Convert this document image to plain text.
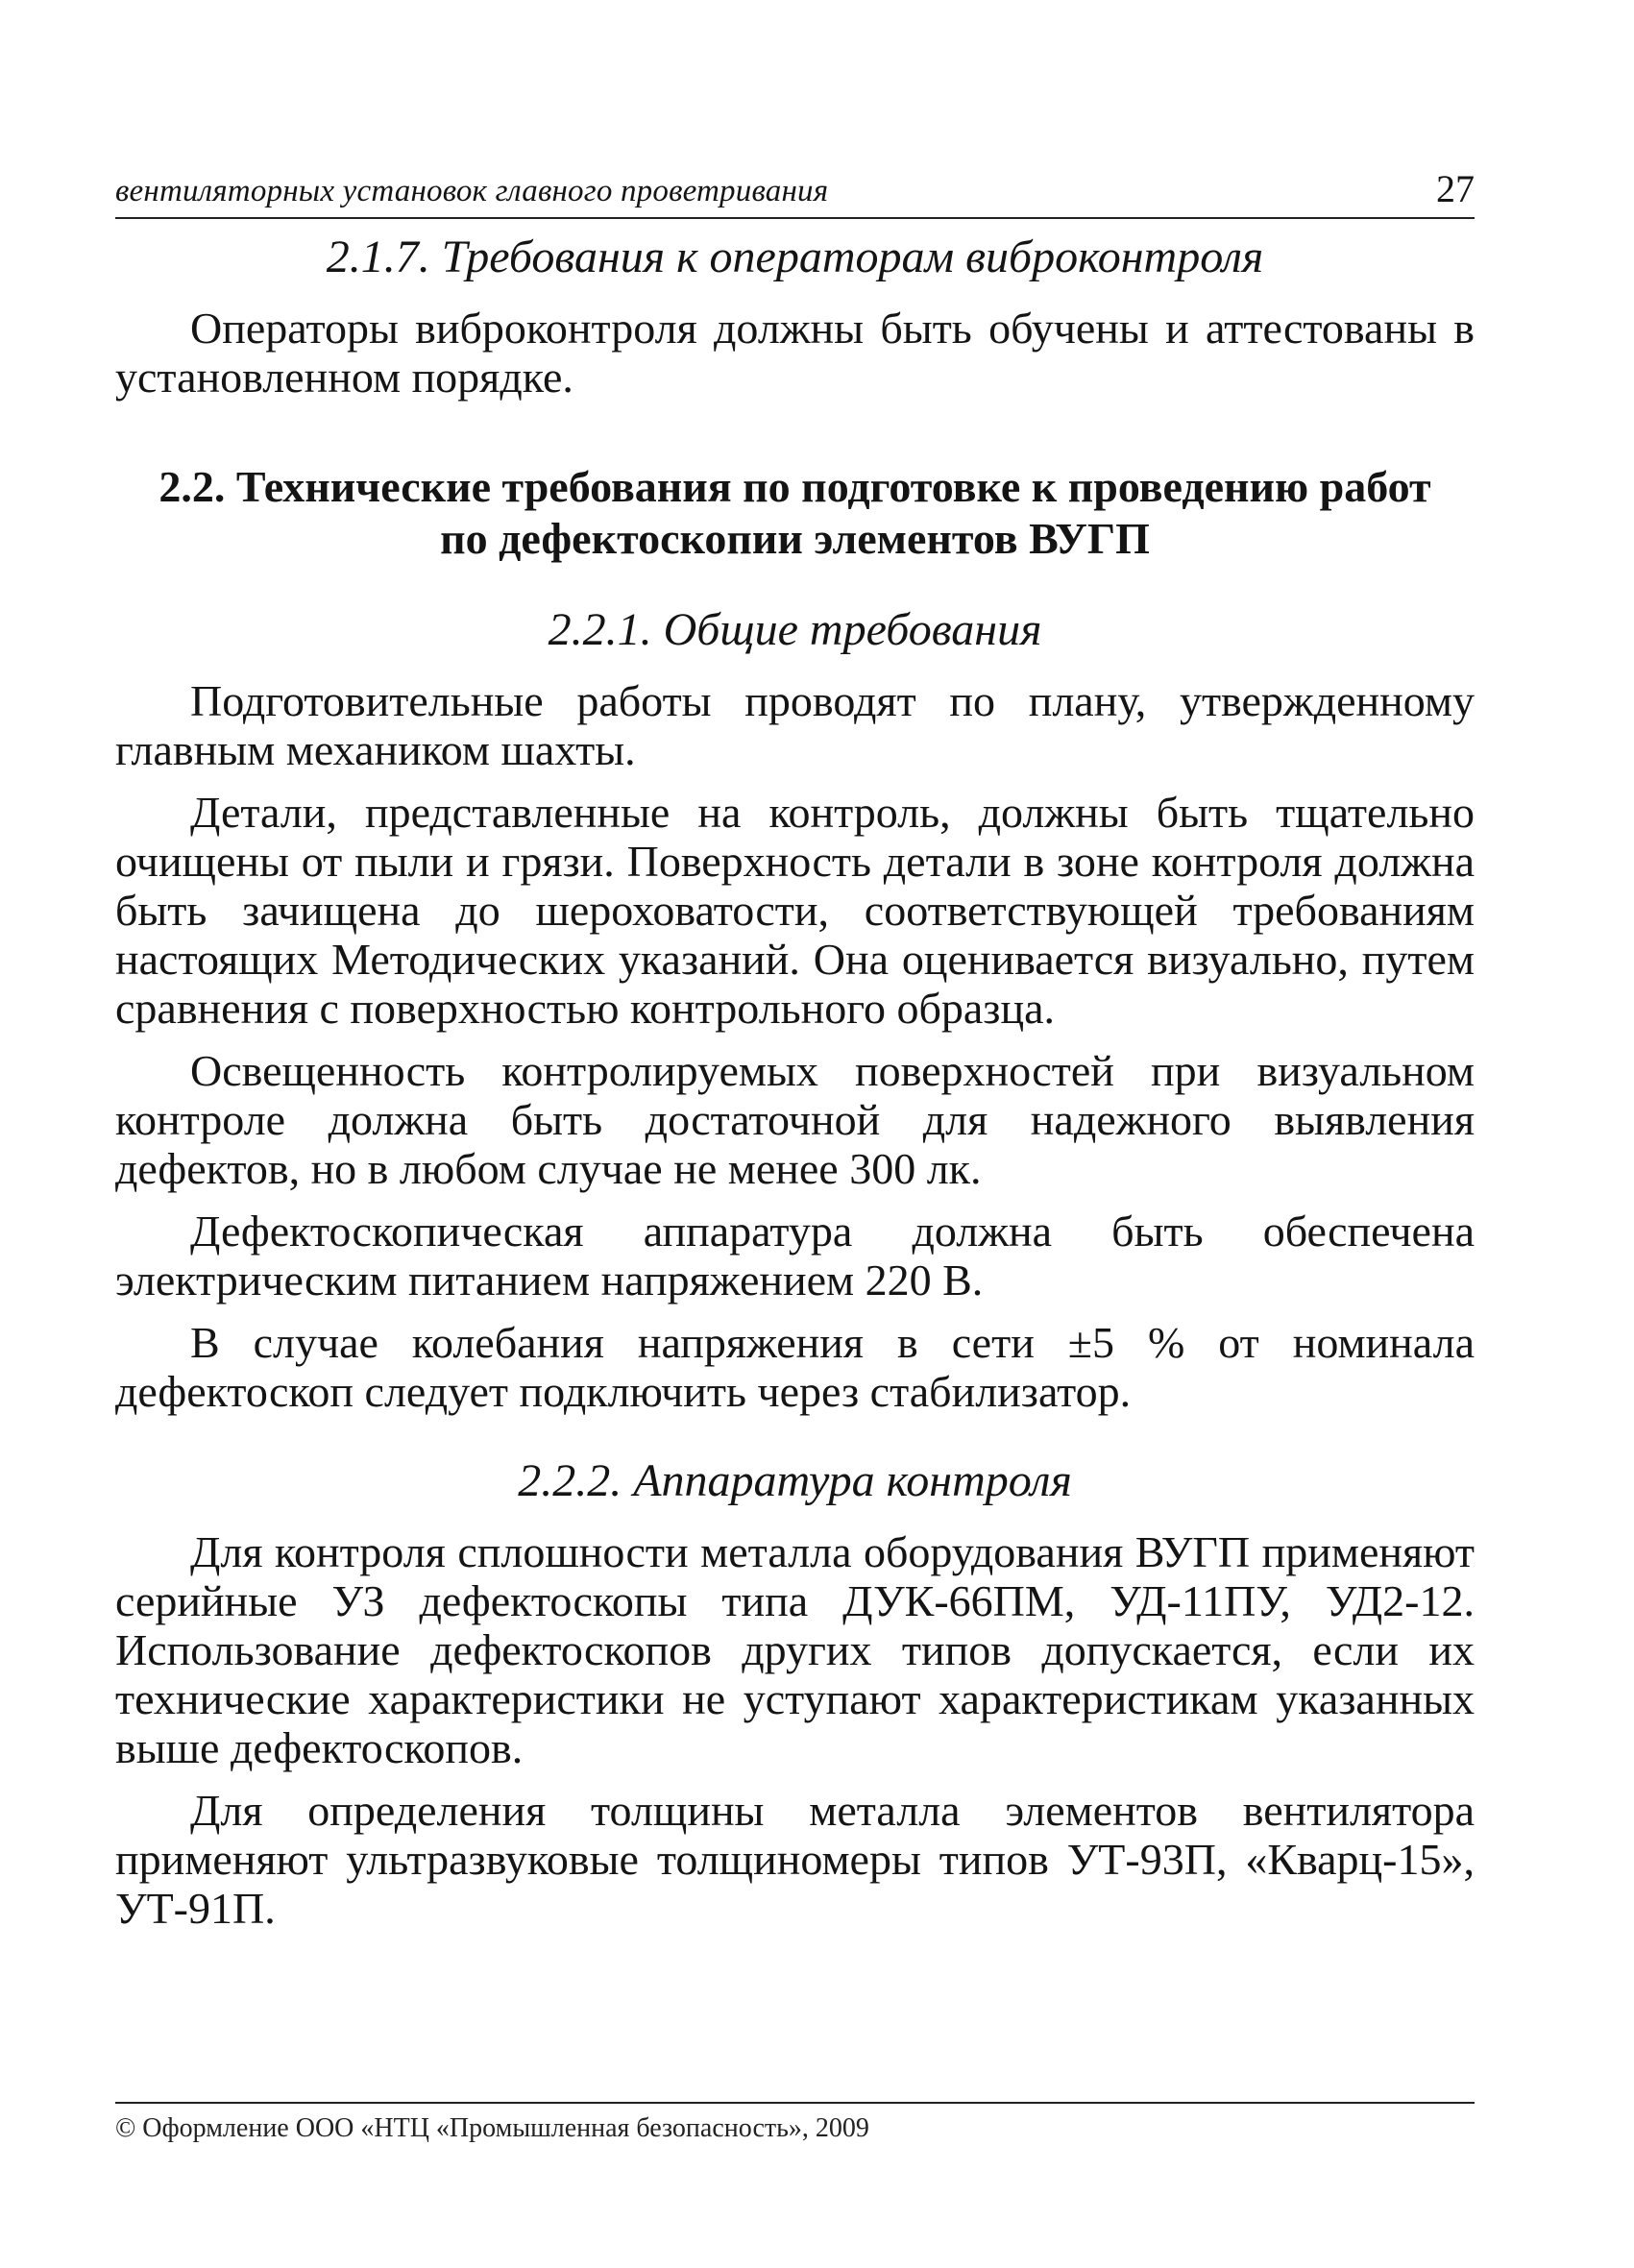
вентиляторных установок главного проветривания	27

2.1.7. Требования к операторам виброконтроля

Операторы виброконтроля должны быть обучены и аттестованы в установленном порядке.

2.2. Технические требования по подготовке к проведению работ
по дефектоскопии элементов ВУГП

2.2.1. Общие требования

Подготовительные работы проводят по плану, утвержденному главным механиком шахты.

Детали, представленные на контроль, должны быть тщательно очищены от пыли и грязи. Поверхность детали в зоне контроля должна быть зачищена до шероховатости, соответствующей требованиям настоящих Методических указаний. Она оценивается визуально, путем сравнения с поверхностью контрольного образца.

Освещенность контролируемых поверхностей при визуальном контроле должна быть достаточной для надежного выявления дефектов, но в любом случае не менее 300 лк.

Дефектоскопическая аппаратура должна быть обеспечена электрическим питанием напряжением 220 В.

В случае колебания напряжения в сети ±5 % от номинала дефектоскоп следует подключить через стабилизатор.

2.2.2. Аппаратура контроля

Для контроля сплошности металла оборудования ВУГП применяют серийные УЗ дефектоскопы типа ДУК-66ПМ, УД-11ПУ, УД2-12. Использование дефектоскопов других типов допускается, если их технические характеристики не уступают характеристикам указанных выше дефектоскопов.

Для определения толщины металла элементов вентилятора применяют ультразвуковые толщиномеры типов УТ-93П, «Кварц-15», УТ-91П.

© Оформление ООО «НТЦ «Промышленная безопасность», 2009
